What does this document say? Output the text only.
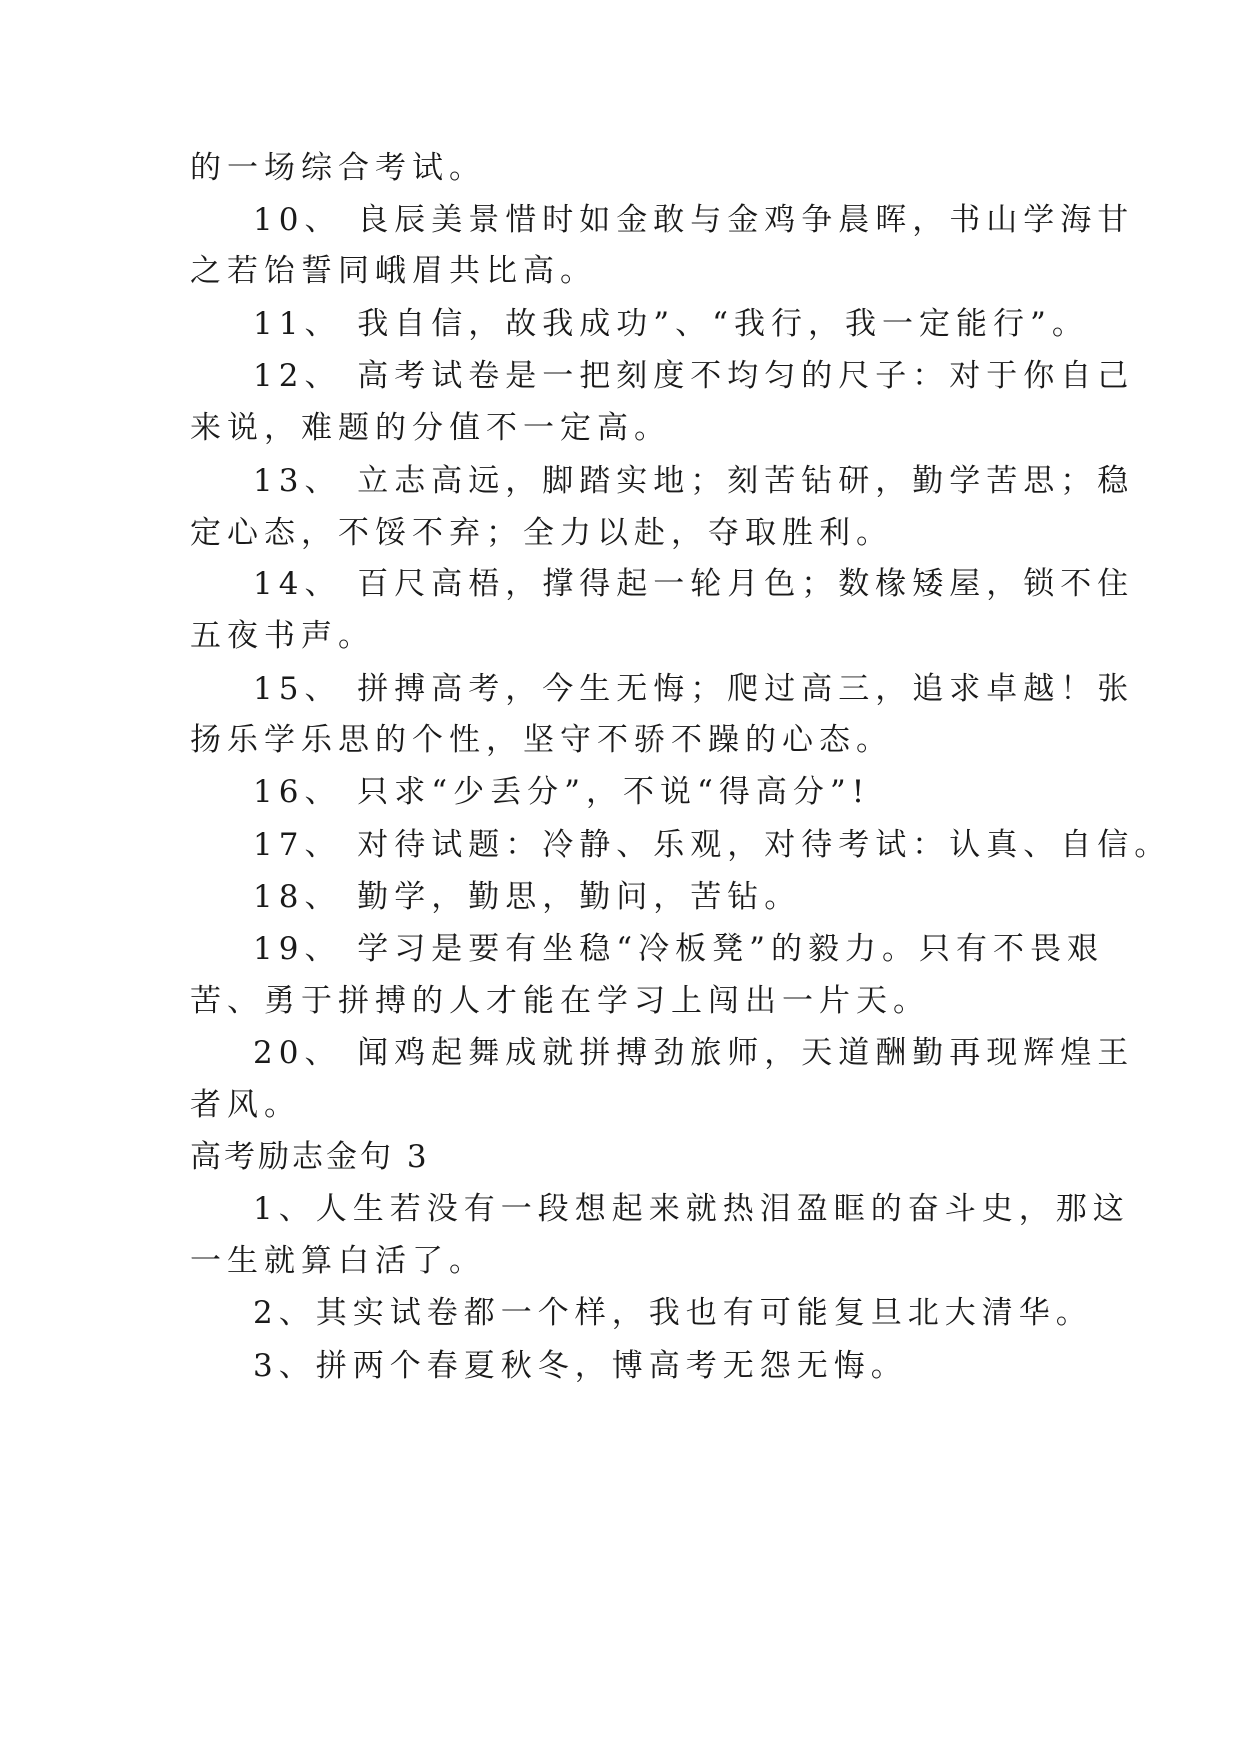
的一场综合考试。
10、 良辰美景惜时如金敢与金鸡争晨晖，书山学海甘
之若饴誓同峨眉共比高。
11、 我自信，故我成功”、“我行，我一定能行”。
12、 高考试卷是一把刻度不均匀的尺子：对于你自己
来说，难题的分值不一定高。
13、 立志高远，脚踏实地；刻苦钻研，勤学苦思；稳
定心态，不馁不弃；全力以赴，夺取胜利。
14、 百尺高梧，撑得起一轮月色；数椽矮屋，锁不住
五夜书声。
15、 拼搏高考，今生无悔；爬过高三，追求卓越！张
扬乐学乐思的个性，坚守不骄不躁的心态。
16、 只求“少丢分”，不说“得高分”!
17、 对待试题：冷静、乐观，对待考试：认真、自信。
18、 勤学，勤思，勤问，苦钻。
19、 学习是要有坐稳“冷板凳”的毅力。只有不畏艰
苦、勇于拼搏的人才能在学习上闯出一片天。
20、 闻鸡起舞成就拼搏劲旅师，天道酬勤再现辉煌王
者风。
高考励志金句 3
1、人生若没有一段想起来就热泪盈眶的奋斗史，那这
一生就算白活了。
2、其实试卷都一个样，我也有可能复旦北大清华。
3、拼两个春夏秋冬，博高考无怨无悔。
